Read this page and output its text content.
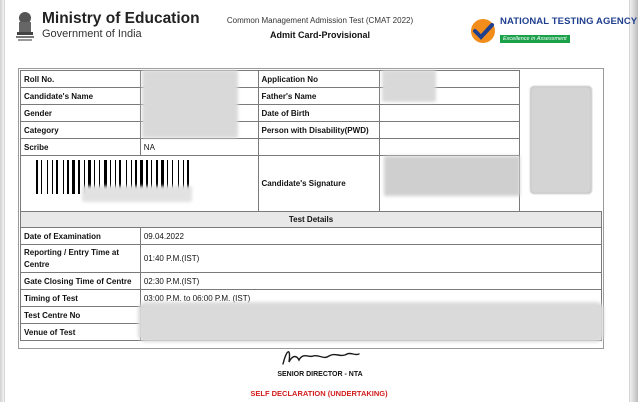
Ministry of Education
Government of India
Common Management Admission Test (CMAT 2022)
Admit Card-Provisional
NATIONAL TESTING AGENCY
Excellence in Assessment
Roll No.		Application No	
Candidate's Name		Father's Name	
Gender		Date of Birth	
Category		Person with Disability(PWD)	
Scribe	NA		
		Candidate's Signature	
Test Details	
Date of Examination	09.04.2022
Reporting / Entry Time at Centre	01:40 P.M.(IST)
Gate Closing Time of Centre	02:30 P.M.(IST)
Timing of Test	03:00 P.M. to 06:00 P.M. (IST)
Test Centre No	
Venue of Test	
SENIOR DIRECTOR - NTA
SELF DECLARATION (UNDERTAKING)
